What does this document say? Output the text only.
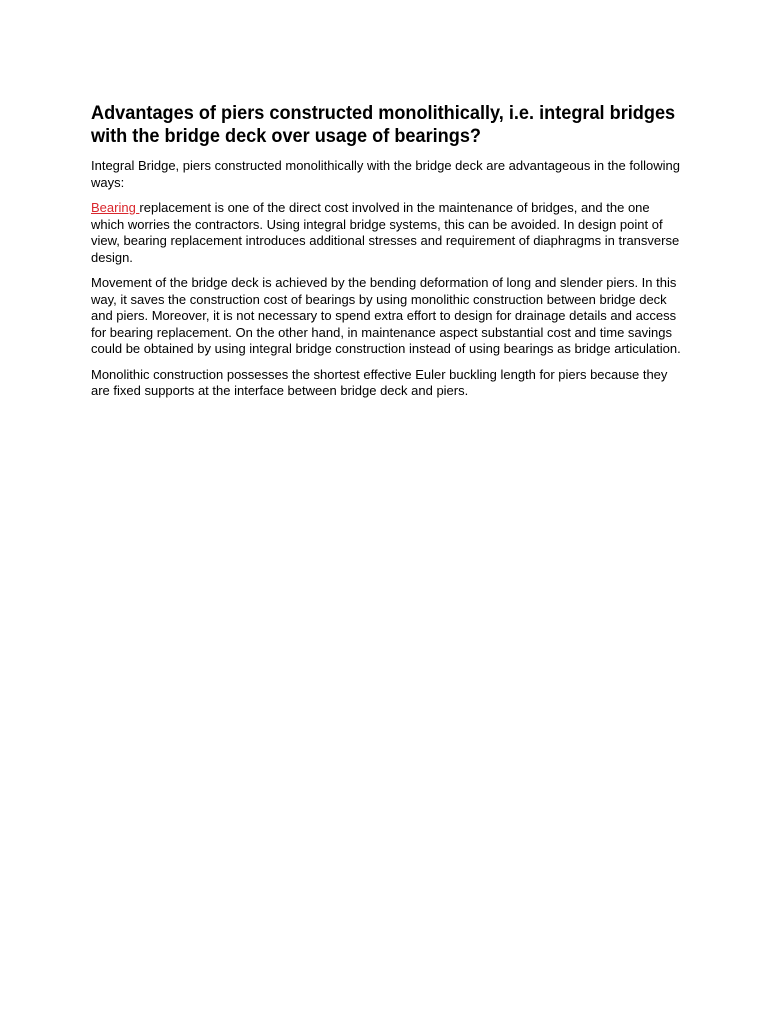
Advantages of piers constructed monolithically, i.e. integral bridges with the bridge deck over usage of bearings?

Integral Bridge, piers constructed monolithically with the bridge deck are advantageous in the following ways:

Bearing replacement is one of the direct cost involved in the maintenance of bridges, and the one which worries the contractors. Using integral bridge systems, this can be avoided. In design point of view, bearing replacement introduces additional stresses and requirement of diaphragms in transverse design.

Movement of the bridge deck is achieved by the bending deformation of long and slender piers. In this way, it saves the construction cost of bearings by using monolithic construction between bridge deck and piers. Moreover, it is not necessary to spend extra effort to design for drainage details and access for bearing replacement. On the other hand, in maintenance aspect substantial cost and time savings could be obtained by using integral bridge construction instead of using bearings as bridge articulation.

Monolithic construction possesses the shortest effective Euler buckling length for piers because they are fixed supports at the interface between bridge deck and piers.
